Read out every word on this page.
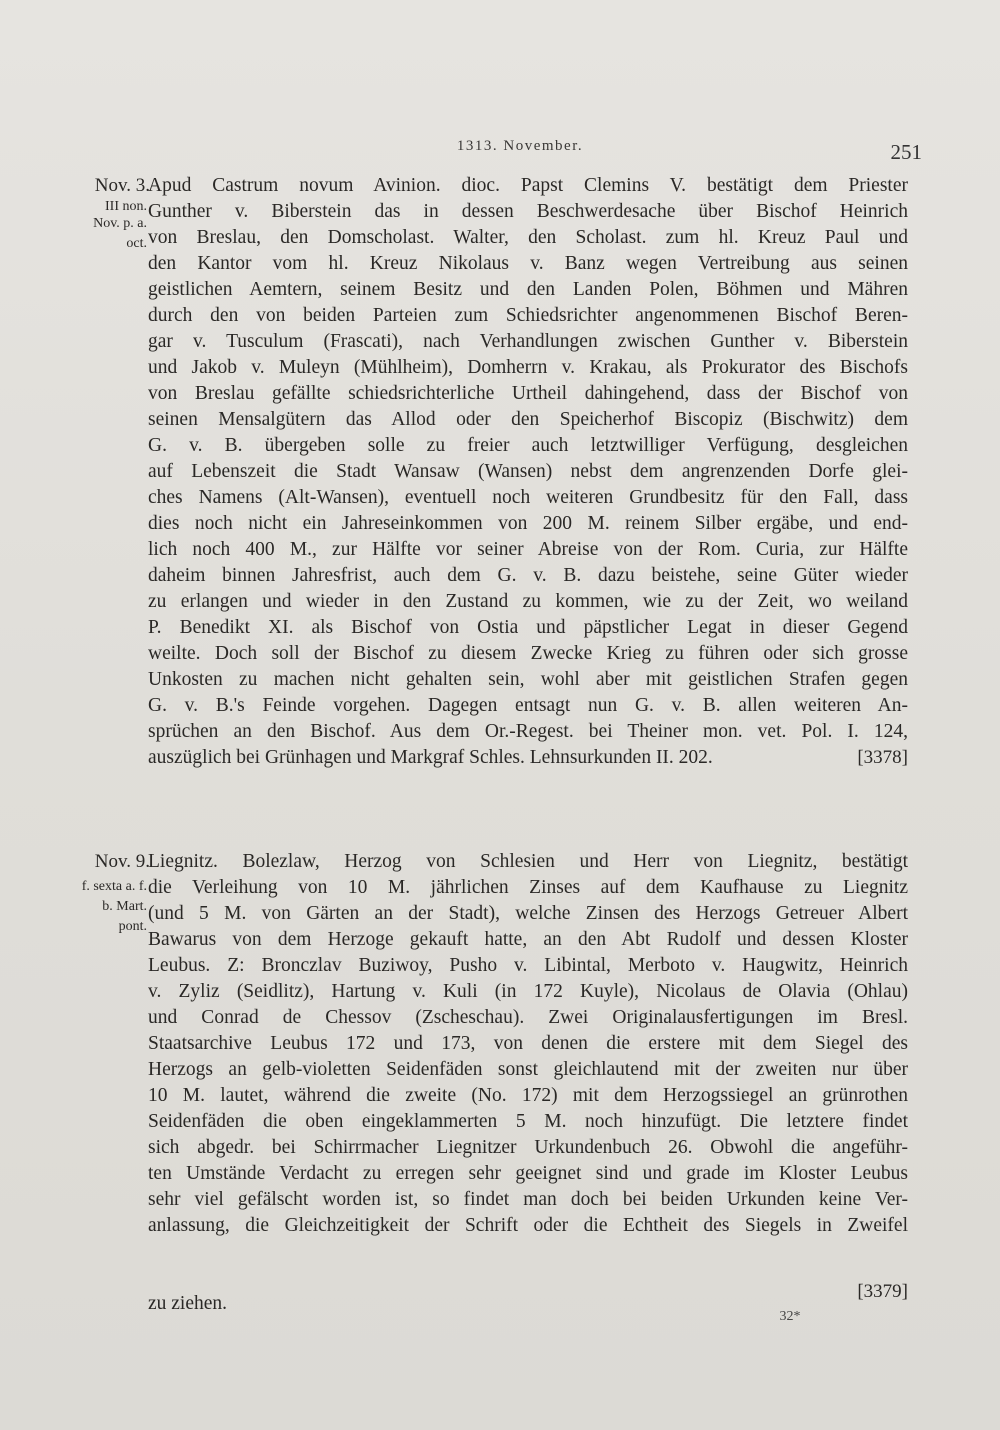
1313. November.	251
Nov. 3.
III non.
Nov. p. a.
oct.
Apud Castrum novum Avinion. dioc. Papst Clemins V. bestätigt dem Priester
Gunther v. Biberstein das in dessen Beschwerdesache über Bischof Heinrich
von Breslau, den Domscholast. Walter, den Scholast. zum hl. Kreuz Paul und
den Kantor vom hl. Kreuz Nikolaus v. Banz wegen Vertreibung aus seinen
geistlichen Aemtern, seinem Besitz und den Landen Polen, Böhmen und Mähren
durch den von beiden Parteien zum Schiedsrichter angenommenen Bischof Beren-
gar v. Tusculum (Frascati), nach Verhandlungen zwischen Gunther v. Biberstein
und Jakob v. Muleyn (Mühlheim), Domherrn v. Krakau, als Prokurator des Bischofs
von Breslau gefällte schiedsrichterliche Urtheil dahingehend, dass der Bischof von
seinen Mensalgütern das Allod oder den Speicherhof Biscopiz (Bischwitz) dem
G. v. B. übergeben solle zu freier auch letztwilliger Verfügung, desgleichen
auf Lebenszeit die Stadt Wansaw (Wansen) nebst dem angrenzenden Dorfe glei-
ches Namens (Alt-Wansen), eventuell noch weiteren Grundbesitz für den Fall, dass
dies noch nicht ein Jahreseinkommen von 200 M. reinem Silber ergäbe, und end-
lich noch 400 M., zur Hälfte vor seiner Abreise von der Rom. Curia, zur Hälfte
daheim binnen Jahresfrist, auch dem G. v. B. dazu beistehe, seine Güter wieder
zu erlangen und wieder in den Zustand zu kommen, wie zu der Zeit, wo weiland
P. Benedikt XI. als Bischof von Ostia und päpstlicher Legat in dieser Gegend
weilte. Doch soll der Bischof zu diesem Zwecke Krieg zu führen oder sich grosse
Unkosten zu machen nicht gehalten sein, wohl aber mit geistlichen Strafen gegen
G. v. B.'s Feinde vorgehen. Dagegen entsagt nun G. v. B. allen weiteren An-
sprüchen an den Bischof. Aus dem Or.-Regest. bei Theiner mon. vet. Pol. I. 124,
auszüglich bei Grünhagen und Markgraf Schles. Lehnsurkunden II. 202.	[3378]
Nov. 9.
f. sexta a. f.
b. Mart.
pont.
Liegnitz. Bolezlaw, Herzog von Schlesien und Herr von Liegnitz, bestätigt
die Verleihung von 10 M. jährlichen Zinses auf dem Kaufhause zu Liegnitz
(und 5 M. von Gärten an der Stadt), welche Zinsen des Herzogs Getreuer Albert
Bawarus von dem Herzoge gekauft hatte, an den Abt Rudolf und dessen Kloster
Leubus. Z: Bronczlav Buziwoy, Pusho v. Libintal, Merboto v. Haugwitz, Heinrich
v. Zyliz (Seidlitz), Hartung v. Kuli (in 172 Kuyle), Nicolaus de Olavia (Ohlau)
und Conrad de Chessov (Zscheschau). Zwei Originalausfertigungen im Bresl.
Staatsarchive Leubus 172 und 173, von denen die erstere mit dem Siegel des
Herzogs an gelb-violetten Seidenfäden sonst gleichlautend mit der zweiten nur über
10 M. lautet, während die zweite (No. 172) mit dem Herzogssiegel an grünrothen
Seidenfäden die oben eingeklammerten 5 M. noch hinzufügt. Die letztere findet
sich abgedr. bei Schirrmacher Liegnitzer Urkundenbuch 26. Obwohl die angeführ-
ten Umstände Verdacht zu erregen sehr geeignet sind und grade im Kloster Leubus
sehr viel gefälscht worden ist, so findet man doch bei beiden Urkunden keine Ver-
anlassung, die Gleichzeitigkeit der Schrift oder die Echtheit des Siegels in Zweifel
[3379]
zu ziehen.
32*
